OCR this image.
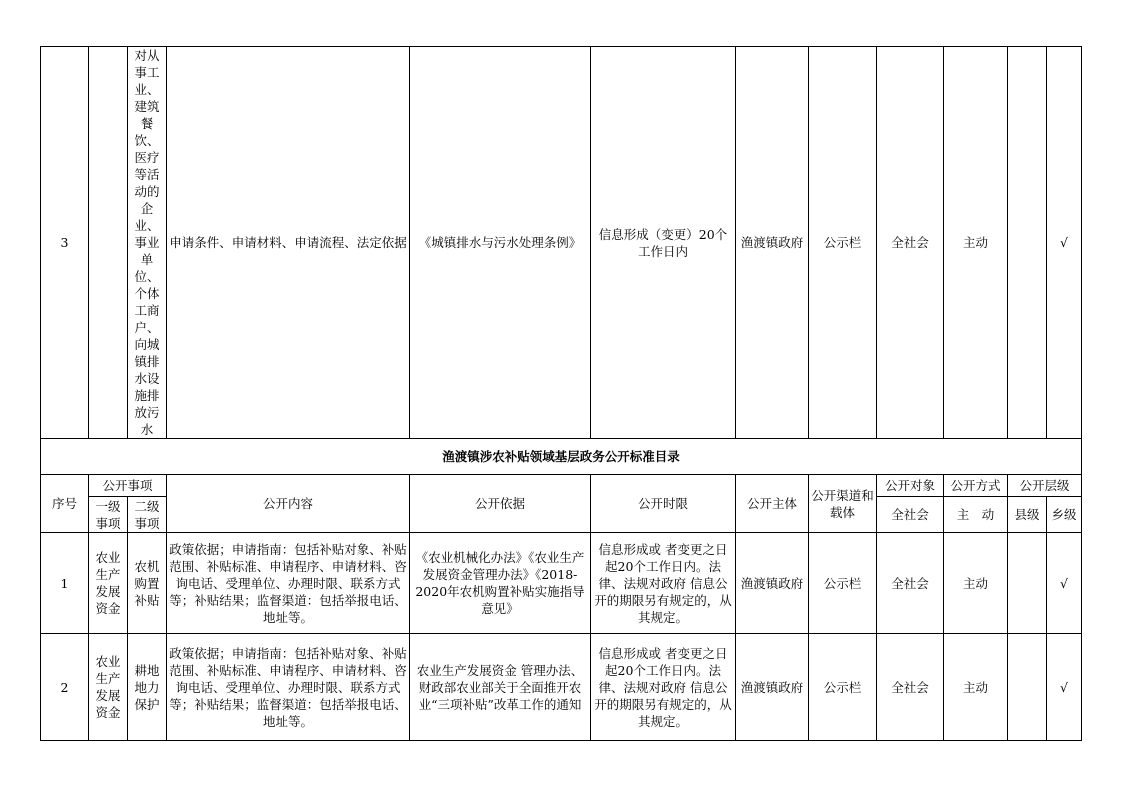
3		对从事工业、建筑餐饮、医疗等活动的企业、事业单位、个体工商户、向城镇排水设施排放污水	申请条件、申请材料、申请流程、法定依据	《城镇排水与污水处理条例》	信息形成（变更）20个工作日内	渔渡镇政府	公示栏	全社会	主动		√
渔渡镇涉农补贴领域基层政务公开标准目录											
序号	公开事项		公开内容	公开依据	公开时限	公开主体	公开渠道和载体	公开对象	公开方式	公开层级	
	一级事项	二级事项						全社会	主　动	县级	乡级
1	农业生产发展资金	农机购置补贴	政策依据；申请指南：包括补贴对象、补贴范围、补贴标准、申请程序、申请材料、咨询电话、受理单位、办理时限、联系方式等；补贴结果；监督渠道：包括举报电话、地址等。	《农业机械化办法》《农业生产发展资金管理办法》《2018-2020年农机购置补贴实施指导意见》	信息形成或 者变更之日起20个工作日内。法律、法规对政府 信息公开的期限另有规定的，从其规定。	渔渡镇政府	公示栏	全社会	主动		√
2	农业生产发展资金	耕地地力保护	政策依据；申请指南：包括补贴对象、补贴范围、补贴标准、申请程序、申请材料、咨询电话、受理单位、办理时限、联系方式等；补贴结果；监督渠道：包括举报电话、地址等。	农业生产发展资金 管理办法、财政部农业部关于全面推开农业“三项补贴”改革工作的通知	信息形成或 者变更之日起20个工作日内。法律、法规对政府 信息公开的期限另有规定的，从其规定。	渔渡镇政府	公示栏	全社会	主动		√
